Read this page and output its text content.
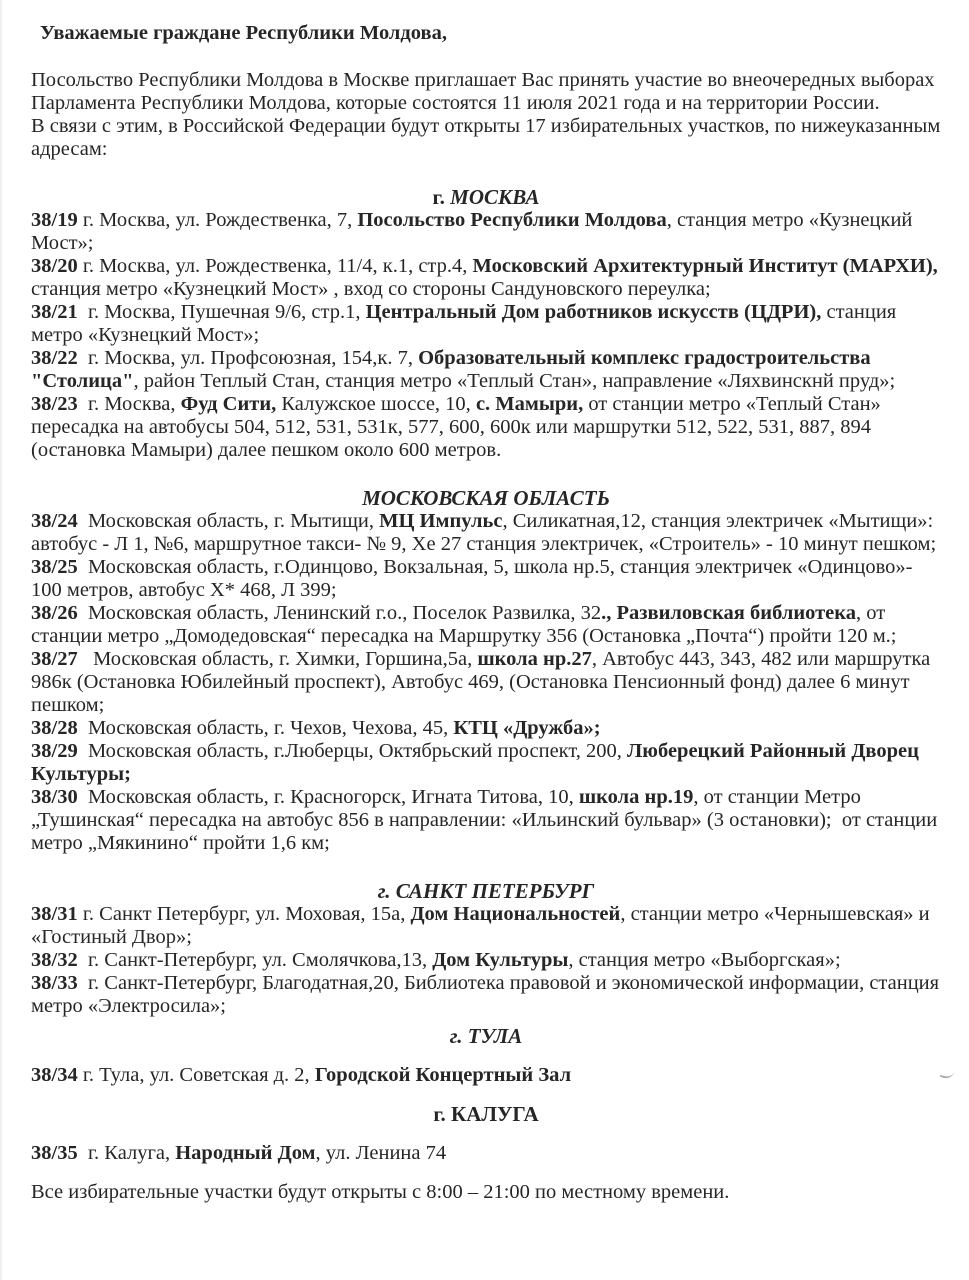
Уважаемые граждане Республики Молдова,

Посольство Республики Молдова в Москве приглашает Вас принять участие во внеочередных выборах Парламента Республики Молдова, которые состоятся 11 июля 2021 года и на территории России.

В связи с этим, в Российской Федерации будут открыты 17 избирательных участков, по нижеуказанным адресам:

г. МОСКВА

38/19 г. Москва, ул. Рождественка, 7, Посольство Республики Молдова, станция метро «Кузнецкий Мост»;

38/20 г. Москва, ул. Рождественка, 11/4, к.1, стр.4, Московский Архитектурный Институт (МАРХИ), станция метро «Кузнецкий Мост» , вход со стороны Сандуновского переулка;

38/21  г. Москва, Пушечная 9/6, стр.1, Центральный Дом работников искусств (ЦДРИ), станция метро «Кузнецкий Мост»;

38/22  г. Москва, ул. Профсоюзная, 154,к. 7, Образовательный комплекс градостроительства "Столица", район Теплый Стан, станция метро «Теплый Стан», направление «Ляхвинскнй пруд»;

38/23  г. Москва, Фуд Сити, Калужское шоссе, 10, с. Мамыри, от станции метро «Теплый Стан» пересадка на автобусы 504, 512, 531, 531к, 577, 600, 600к или маршрутки 512, 522, 531, 887, 894 (остановка Мамыри) далее пешком около 600 метров.

МОСКОВСКАЯ ОБЛАСТЬ

38/24  Московская область, г. Мытищи, МЦ Импульс, Силикатная,12, станция электричек «Мытищи»: автобус - Л 1, №6, маршрутное такси- № 9, Хе 27 станция электричек, «Строитель» - 10 минут пешком;

38/25  Московская область, г.Одинцово, Вокзальная, 5, школа нр.5, станция электричек «Одинцово»- 100 метров, автобус Х* 468, Л 399;

38/26  Московская область, Ленинский г.о., Поселок Развилка, 32., Развиловская библиотека, от станции метро „Домодедовская“ пересадка на Маршрутку 356 (Остановка „Почта“) пройти 120 м.;

38/27   Московская область, г. Химки, Горшина,5а, школа нр.27, Автобус 443, 343, 482 или маршрутка 986к (Остановка Юбилейный проспект), Автобус 469, (Остановка Пенсионный фонд) далее 6 минут пешком;

38/28  Московская область, г. Чехов, Чехова, 45, КТЦ «Дружба»;

38/29  Московская область, г.Люберцы, Октябрьский проспект, 200, Люберецкий Районный Дворец Культуры;

38/30  Московская область, г. Красногорск, Игната Титова, 10, школа нр.19, от станции Метро „Тушинская“ пересадка на автобус 856 в направлении: «Ильинский бульвар» (3 остановки);  от станции метро „Мякинино“ пройти 1,6 км;

г. САНКТ ПЕТЕРБУРГ

38/31 г. Санкт Петербург, ул. Моховая, 15а, Дом Национальностей, станции метро «Чернышевская» и «Гостиный Двор»;

38/32  г. Санкт-Петербург, ул. Смолячкова,13, Дом Культуры, станция метро «Выборгская»;

38/33  г. Санкт-Петербург, Благодатная,20, Библиотека правовой и экономической информации, станция метро «Электросила»;

г. ТУЛА

38/34 г. Тула, ул. Советская д. 2, Городской Концертный Зал

г. КАЛУГА

38/35  г. Калуга, Народный Дом, ул. Ленина 74

Все избирательные участки будут открыты с 8:00 – 21:00 по местному времени.
